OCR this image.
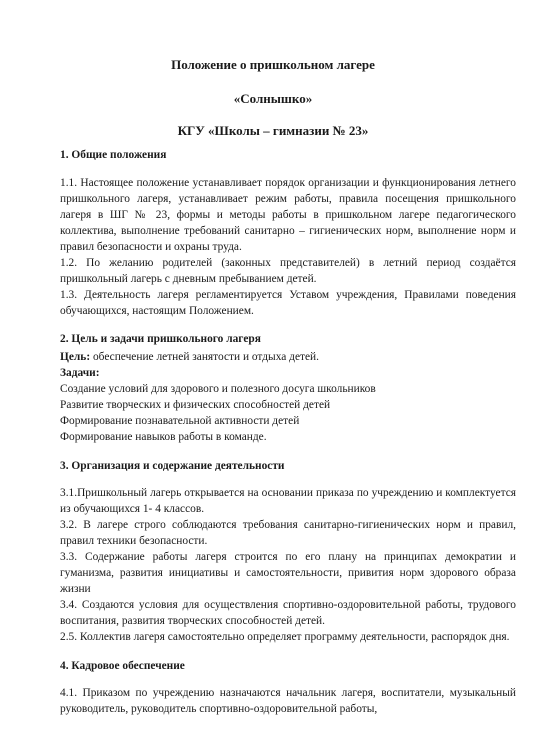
Положение о пришкольном лагере
«Солнышко»
КГУ «Школы – гимназии № 23»

1. Общие положения

1.1. Настоящее положение устанавливает порядок организации и функционирования летнего пришкольного лагеря, устанавливает режим работы, правила посещения пришкольного лагеря в ШГ № 23, формы и методы работы в пришкольном лагере педагогического коллектива, выполнение требований санитарно – гигиенических норм, выполнение норм и правил безопасности и охраны труда.

1.2. По желанию родителей (законных представителей) в летний период создаётся пришкольный лагерь с дневным пребыванием детей.

1.3. Деятельность лагеря регламентируется Уставом учреждения, Правилами поведения обучающихся, настоящим Положением.

2. Цель и задачи пришкольного лагеря

Цель: обеспечение летней занятости и отдыха детей.

Задачи:

Создание условий для здорового и полезного досуга школьников

Развитие творческих и физических способностей детей

Формирование познавательной активности детей

Формирование навыков работы в команде.

3. Организация и содержание деятельности

3.1.Пришкольный лагерь открывается на основании приказа по учреждению и комплектуется из обучающихся 1- 4 классов.

3.2. В лагере строго соблюдаются требования санитарно-гигиенических норм и правил, правил техники безопасности.

3.3. Содержание работы лагеря строится по его плану на принципах демократии и гуманизма, развития инициативы и самостоятельности, привития норм здорового образа жизни

3.4. Создаются условия для осуществления спортивно-оздоровительной работы, трудового воспитания, развития творческих способностей детей.

2.5. Коллектив лагеря самостоятельно определяет программу деятельности, распорядок дня.

4. Кадровое обеспечение

4.1. Приказом по учреждению назначаются начальник лагеря, воспитатели, музыкальный руководитель, руководитель спортивно-оздоровительной работы,
